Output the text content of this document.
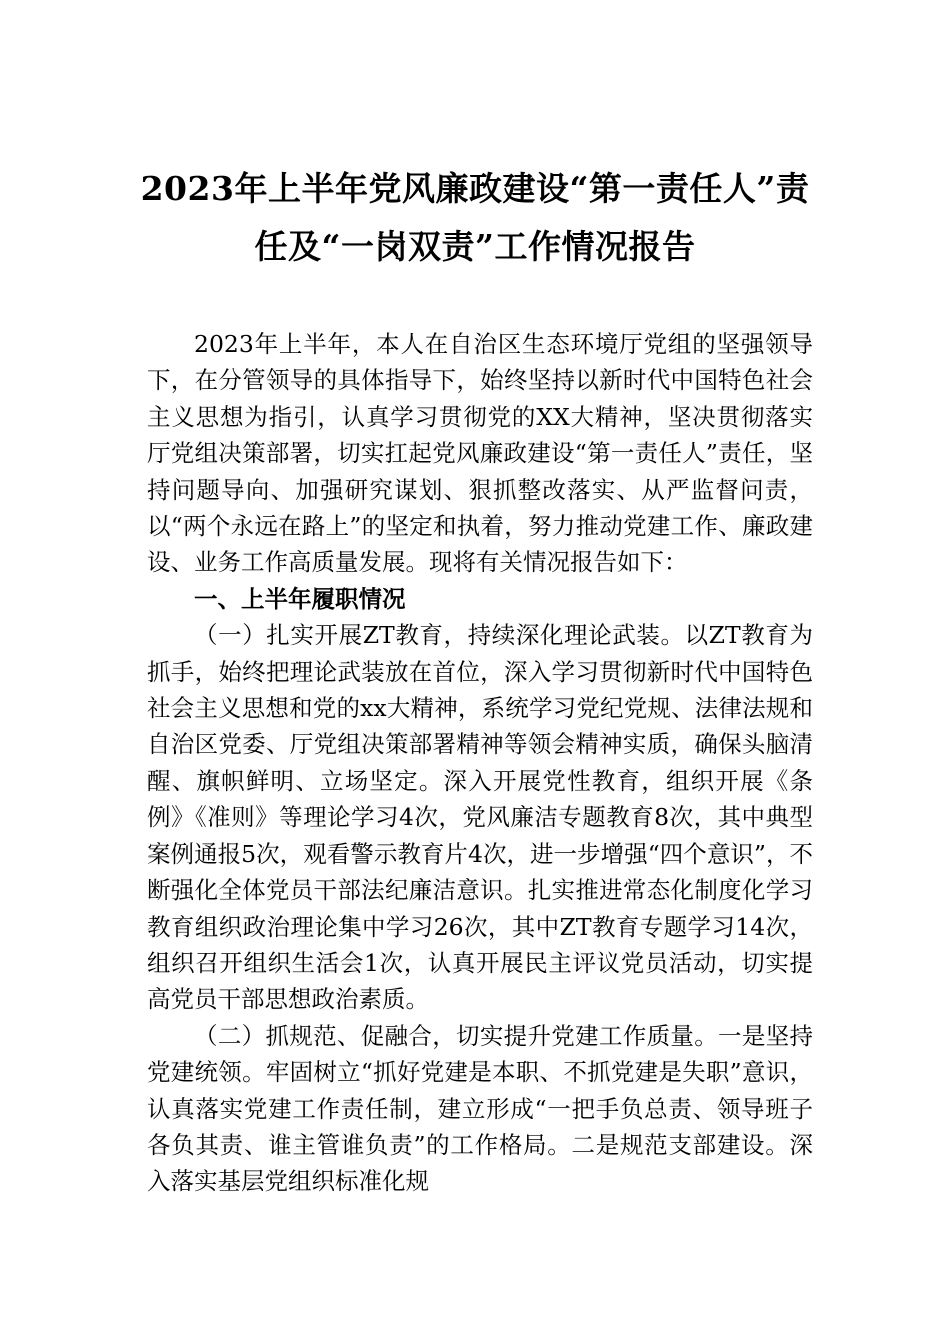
2023年上半年党风廉政建设“第一责任人”责任及“一岗双责”工作情况报告

2023年上半年，本人在自治区生态环境厅党组的坚强领导下，在分管领导的具体指导下，始终坚持以新时代中国特色社会主义思想为指引，认真学习贯彻党的XX大精神，坚决贯彻落实厅党组决策部署，切实扛起党风廉政建设“第一责任人”责任，坚持问题导向、加强研究谋划、狠抓整改落实、从严监督问责，以“两个永远在路上”的坚定和执着，努力推动党建工作、廉政建设、业务工作高质量发展。现将有关情况报告如下：

一、上半年履职情况

（一）扎实开展ZT教育，持续深化理论武装。以ZT教育为抓手，始终把理论武装放在首位，深入学习贯彻新时代中国特色社会主义思想和党的xx大精神，系统学习党纪党规、法律法规和自治区党委、厅党组决策部署精神等领会精神实质，确保头脑清醒、旗帜鲜明、立场坚定。深入开展党性教育，组织开展《条例》《准则》等理论学习4次，党风廉洁专题教育8次，其中典型案例通报5次，观看警示教育片4次，进一步增强“四个意识”，不断强化全体党员干部法纪廉洁意识。扎实推进常态化制度化学习教育组织政治理论集中学习26次，其中ZT教育专题学习14次，组织召开组织生活会1次，认真开展民主评议党员活动，切实提高党员干部思想政治素质。

（二）抓规范、促融合，切实提升党建工作质量。一是坚持党建统领。牢固树立“抓好党建是本职、不抓党建是失职”意识，认真落实党建工作责任制，建立形成“一把手负总责、领导班子各负其责、谁主管谁负责”的工作格局。二是规范支部建设。深入落实基层党组织标准化规
